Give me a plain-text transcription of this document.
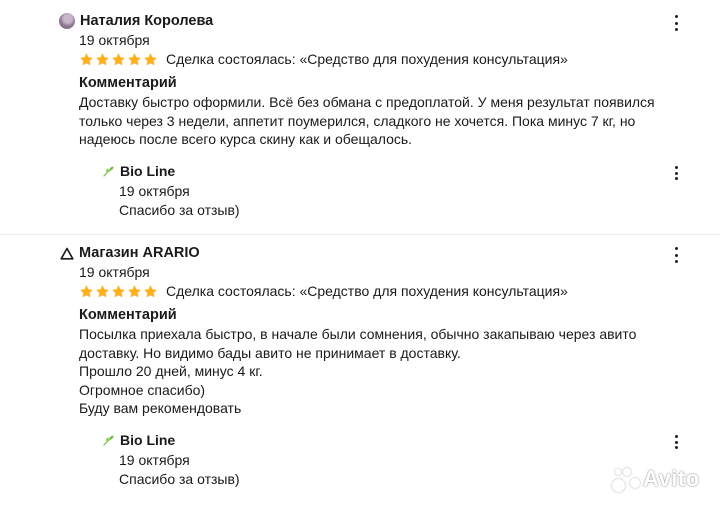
Наталия Королева
19 октября
Сделка состоялась: «Средство для похудения консультация»
Комментарий
Доставку быстро оформили. Всё без обмана с предоплатой. У меня результат появился
только через 3 недели, аппетит поумерился, сладкого не хочется. Пока минус 7 кг, но
надеюсь после всего курса скину как и обещалось.
Bio Line
19 октября
Спасибо за отзыв)
Магазин ARARIO
19 октября
Сделка состоялась: «Средство для похудения консультация»
Комментарий
Посылка приехала быстро, в начале были сомнения, обычно закапываю через авито
доставку. Но видимо бады авито не принимает в доставку.
Прошло 20 дней, минус 4 кг.
Огромное спасибо)
Буду вам рекомендовать
Bio Line
19 октября
Спасибо за отзыв)	Avito
